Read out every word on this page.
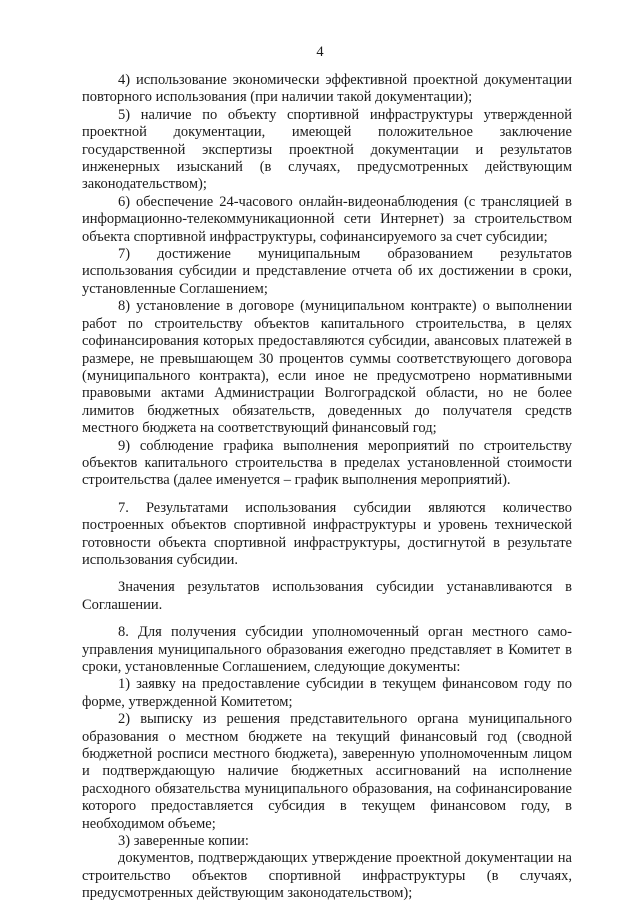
4

4) использование экономически эффективной проектной документации повторного использования (при наличии такой документации);

5) наличие по объекту спортивной инфраструктуры утвержденной проектной документации, имеющей положительное заключение государственной экспертизы проектной документации и результатов инженерных изысканий (в случаях, предусмотренных действующим законодательством);

6) обеспечение 24-часового онлайн-видеонаблюдения (с трансляцией в информационно-телекоммуникационной сети Интернет) за строительством объекта спортивной инфраструктуры, софинансируемого за счет субсидии;

7) достижение муниципальным образованием результатов использования субсидии и представление отчета об их достижении в сроки, установленные Соглашением;

8) установление в договоре (муниципальном контракте) о выполнении работ по строительству объектов капитального строительства, в целях софинансирования которых предоставляются субсидии, авансовых платежей в размере, не превышающем 30 процентов суммы соответствующего договора (муниципального контракта), если иное не предусмотрено нормативными правовыми актами Администрации Волгоградской области, но не более лимитов бюджетных обязательств, доведенных до получателя средств местного бюджета на соответствующий финансовый год;

9) соблюдение графика выполнения мероприятий по строительству объектов капитального строительства в пределах установленной стоимости строительства (далее именуется – график выполнения мероприятий).

7. Результатами использования субсидии являются количество построенных объектов спортивной инфраструктуры и уровень технической готовности объекта спортивной инфраструктуры, достигнутой в результате использования субсидии.

Значения результатов использования субсидии устанавливаются в Соглашении.

8. Для получения субсидии уполномоченный орган местного само-управления муниципального образования ежегодно представляет в Комитет в сроки, установленные Соглашением, следующие документы:

1) заявку на предоставление субсидии в текущем финансовом году по форме, утвержденной Комитетом;

2) выписку из решения представительного органа муниципального образования о местном бюджете на текущий финансовый год (сводной бюджетной росписи местного бюджета), заверенную уполномоченным лицом и подтверждающую наличие бюджетных ассигнований на исполнение расходного обязательства муниципального образования, на софинансирование которого предоставляется субсидия в текущем финансовом году, в необходимом объеме;

3) заверенные копии:

документов, подтверждающих утверждение проектной документации на строительство объектов спортивной инфраструктуры (в случаях, предусмотренных действующим законодательством);
